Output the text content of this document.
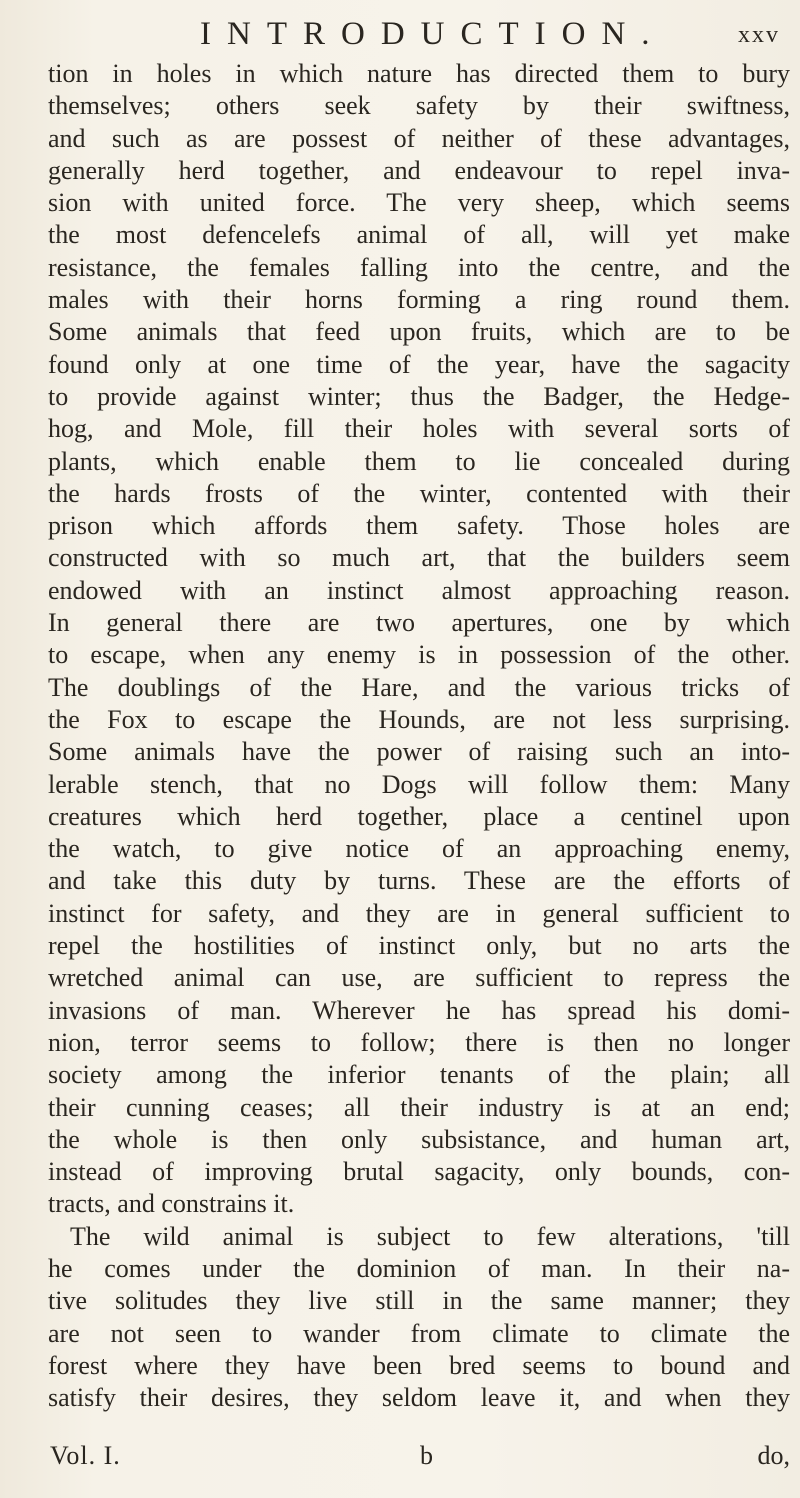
INTRODUCTION.	xxv
tion in holes in which nature has directed them to bury
themselves; others seek safety by their swiftness,
and such as are possest of neither of these advantages,
generally herd together, and endeavour to repel inva-
sion with united force. The very sheep, which seems
the most defencelefs animal of all, will yet make
resistance, the females falling into the centre, and the
males with their horns forming a ring round them.
Some animals that feed upon fruits, which are to be
found only at one time of the year, have the sagacity
to provide against winter; thus the Badger, the Hedge-
hog, and Mole, fill their holes with several sorts of
plants, which enable them to lie concealed during
the hards frosts of the winter, contented with their
prison which affords them safety. Those holes are
constructed with so much art, that the builders seem
endowed with an instinct almost approaching reason.
In general there are two apertures, one by which
to escape, when any enemy is in possession of the other.
The doublings of the Hare, and the various tricks of
the Fox to escape the Hounds, are not less surprising.
Some animals have the power of raising such an into-
lerable stench, that no Dogs will follow them: Many
creatures which herd together, place a centinel upon
the watch, to give notice of an approaching enemy,
and take this duty by turns. These are the efforts of
instinct for safety, and they are in general sufficient to
repel the hostilities of instinct only, but no arts the
wretched animal can use, are sufficient to repress the
invasions of man. Wherever he has spread his domi-
nion, terror seems to follow; there is then no longer
society among the inferior tenants of the plain; all
their cunning ceases; all their industry is at an end;
the whole is then only subsistance, and human art,
instead of improving brutal sagacity, only bounds, con-
tracts, and constrains it.
The wild animal is subject to few alterations, 'till
he comes under the dominion of man. In their na-
tive solitudes they live still in the same manner; they
are not seen to wander from climate to climate the
forest where they have been bred seems to bound and
satisfy their desires, they seldom leave it, and when they
Vol. I.	b	do,
